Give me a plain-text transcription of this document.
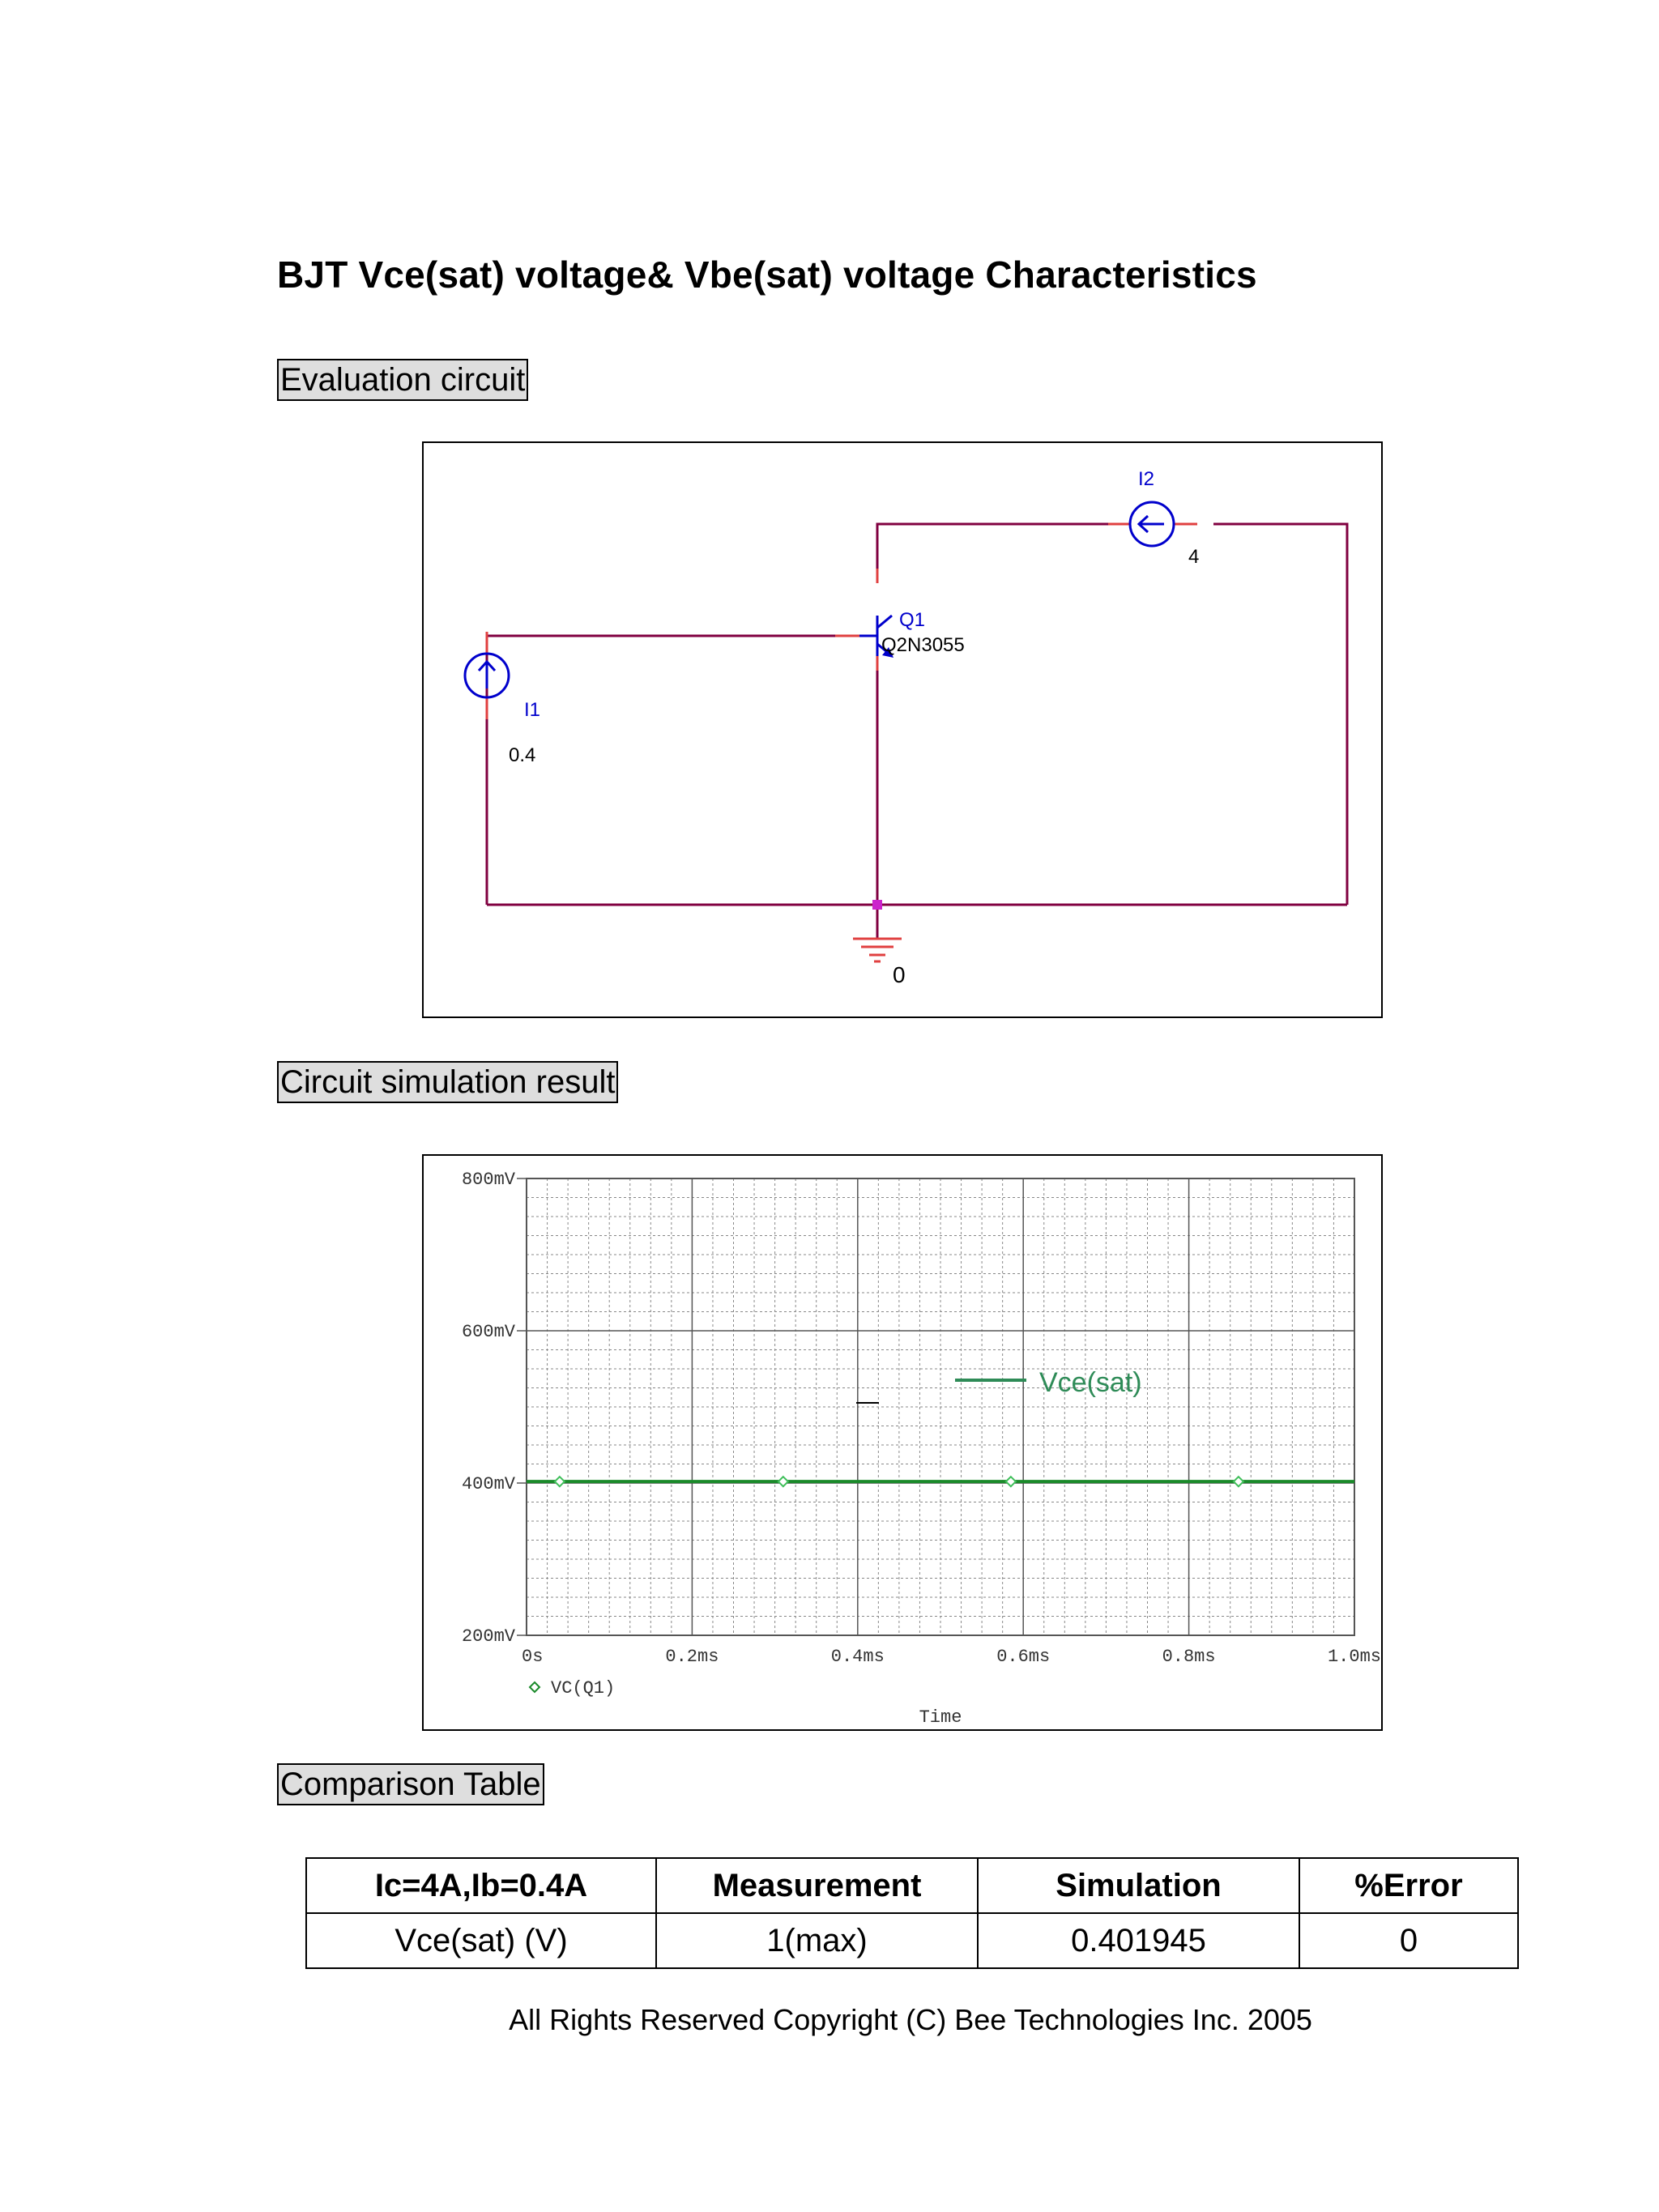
BJT Vce(sat) voltage& Vbe(sat) voltage Characteristics
Evaluation circuit
I2
Q1
I1
4
Q2N3055
0.4
0
Circuit simulation result
800mV
600mV
400mV
200mV
0s	0.2ms	0.4ms	0.6ms	0.8ms	1.0ms
Vce(sat)
VC(Q1)
Time
Comparison Table
Ic=4A,Ib=0.4A	Measurement	Simulation	%Error
Vce(sat) (V)	1(max)	0.401945	0
All Rights Reserved Copyright (C) Bee Technologies Inc. 2005
